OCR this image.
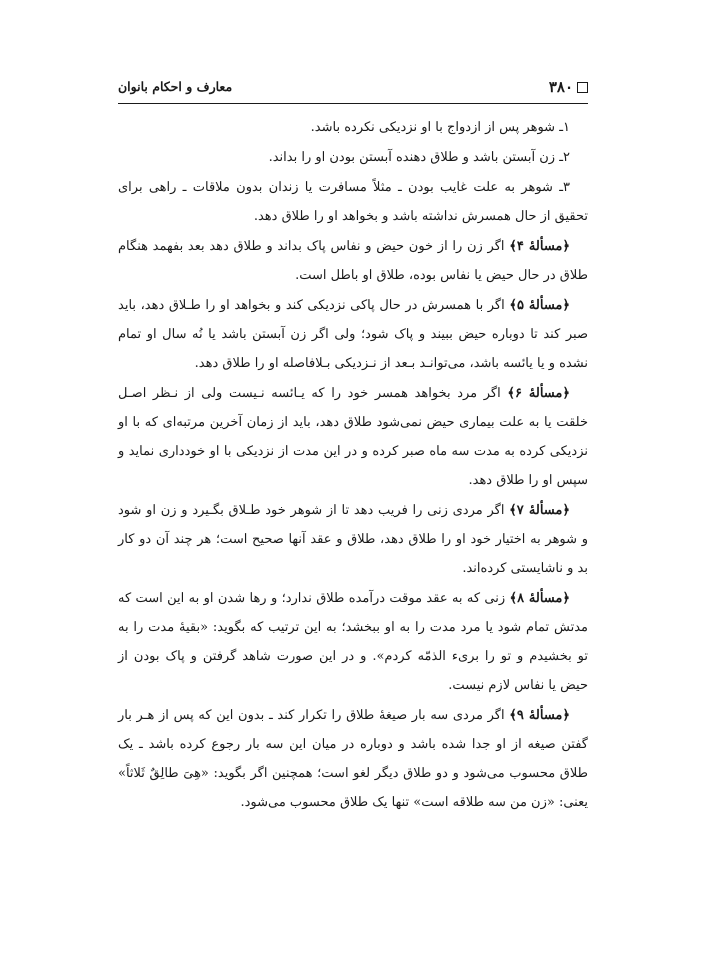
۳۸۰
معارف و احکام بانوان

۱ـ شوهر پس از ازدواج با او نزدیکی نکرده باشد.

۲ـ زن آبستن باشد و طلاق دهنده آبستن بودن او را بداند.

۳ـ شوهر به علت غایب بودن ـ مثلاً مسافرت یا زندان بدون ملاقات ـ راهی برای تحقیق از حال همسرش نداشته باشد و بخواهد او را طلاق دهد.

﴿مسألهٔ ۴﴾ اگر زن را از خون حیض و نفاس پاک بداند و طلاق دهد بعد بفهمد هنگام طلاق در حال حیض یا نفاس بوده، طلاق او باطل است.

﴿مسألهٔ ۵﴾ اگر با همسرش در حال پاکی نزدیکی کند و بخواهد او را طـلاق دهد، باید صبر کند تا دوباره حیض ببیند و پاک شود؛ ولی اگر زن آبستن باشد یا نُه سال او تمام نشده و یا یائسه باشد، می‌توانـد بـعد از نـزدیکی بـلافاصله او را طلاق دهد.

﴿مسألهٔ ۶﴾ اگر مرد بخواهد همسر خود را که یـائسه نـیست ولی از نـظر اصـل خلقت یا به علت بیماری حیض نمی‌شود طلاق دهد، باید از زمان آخرین مرتبه‌ای که با او نزدیکی کرده به مدت سه ماه صبر کرده و در این مدت از نزدیکی با او خودداری نماید و سپس او را طلاق دهد.

﴿مسألهٔ ۷﴾ اگر مردی زنی را فریب دهد تا از شوهر خود طـلاق بگـیرد و زن او شود و شوهر به اختیار خود او را طلاق دهد، طلاق و عقد آنها صحیح است؛ هر چند آن دو کار بد و ناشایستی کرده‌اند.

﴿مسألهٔ ۸﴾ زنی که به عقد موقت درآمده طلاق ندارد؛ و رها شدن او به این است که مدتش تمام شود یا مرد مدت را به او ببخشد؛ به این ترتیب که بگوید: «بقیهٔ مدت را به تو بخشیدم و تو را بریء الذمّه کردم». و در این صورت شاهد گرفتن و پاک بودن از حیض یا نفاس لازم نیست.

﴿مسألهٔ ۹﴾ اگر مردی سه بار صیغهٔ طلاق را تکرار کند ـ بدون این که پس از هـر بار گفتن صیغه از او جدا شده باشد و دوباره در میان این سه بار رجوع کرده باشد ـ یک طلاق محسوب می‌شود و دو طلاق دیگر لغو است؛ همچنین اگر بگوید: «هِیَ طالِقٌ ثَلاثاً» یعنی: «زن من سه طلاقه است» تنها یک طلاق محسوب می‌شود.
